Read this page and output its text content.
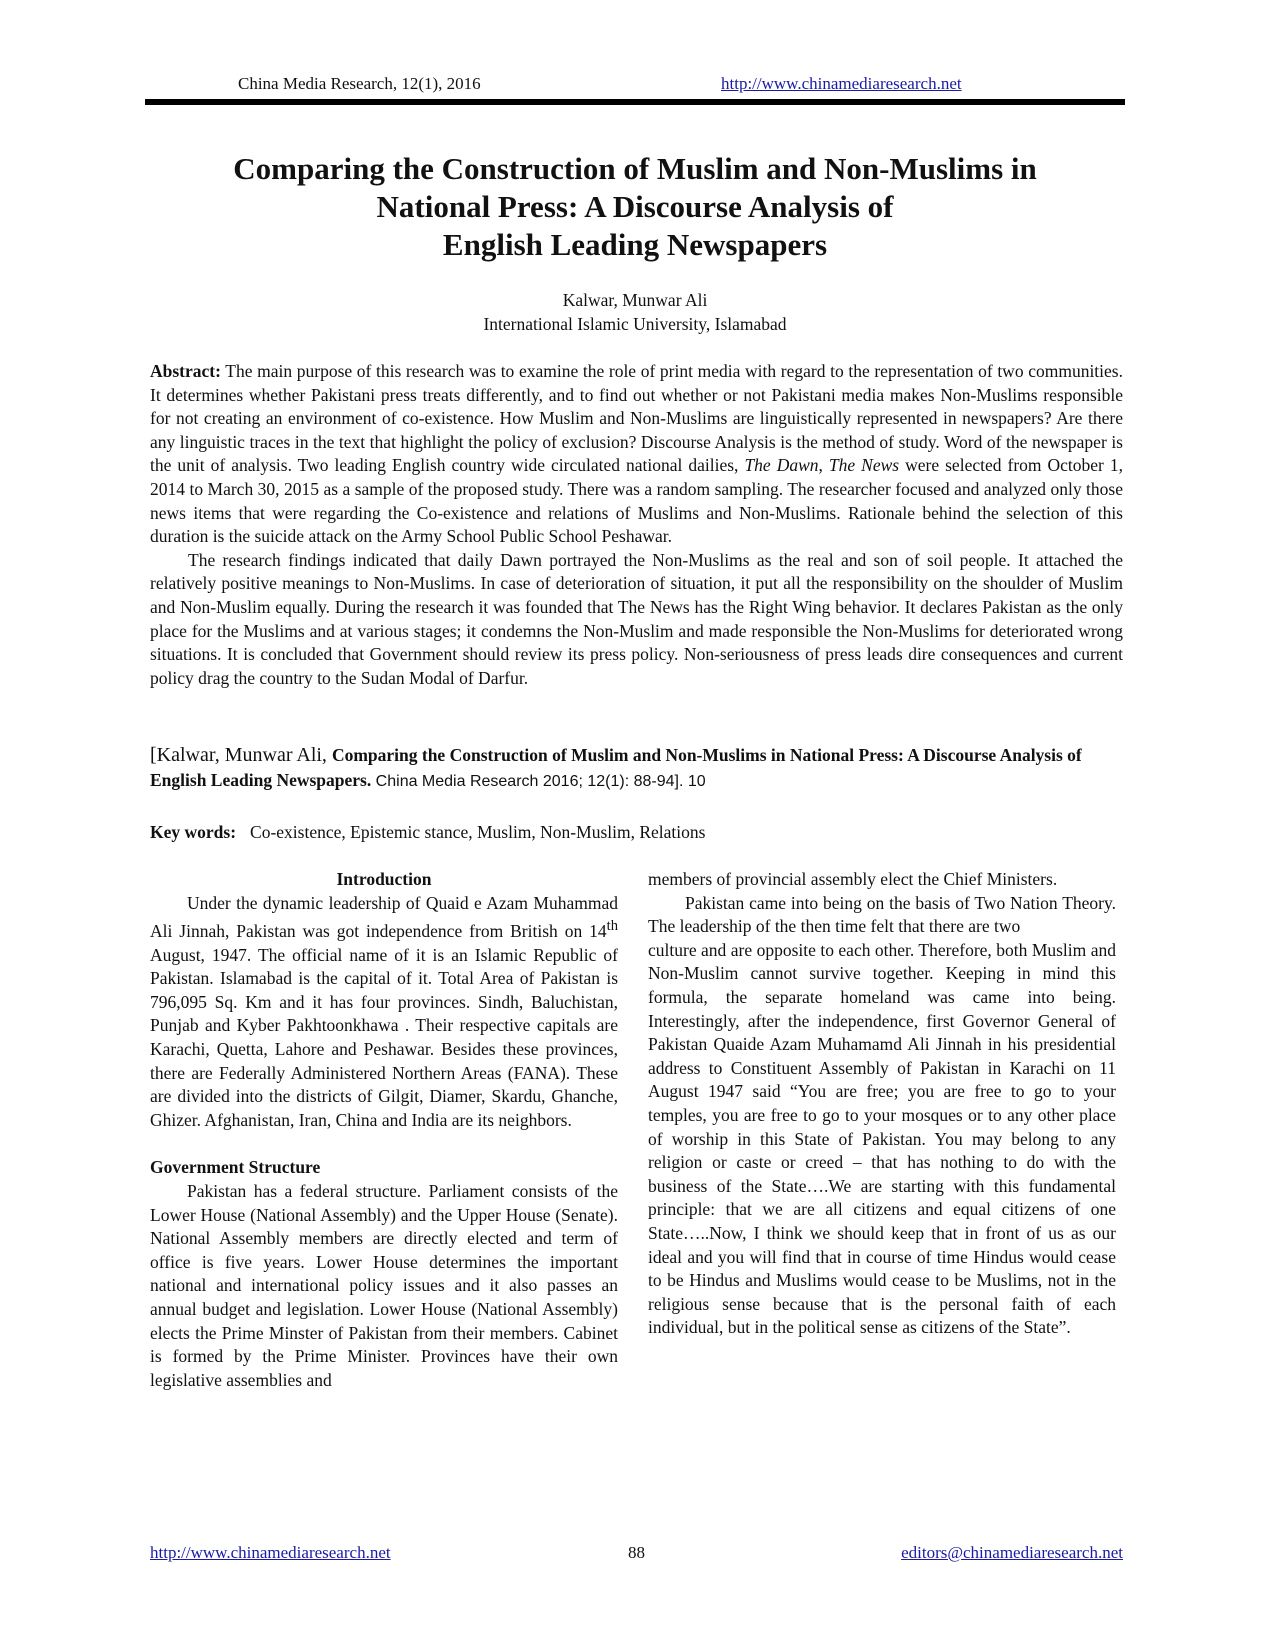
China Media Research, 12(1), 2016	http://www.chinamediaresearch.net
Comparing the Construction of Muslim and Non-Muslims in
National Press: A Discourse Analysis of
English Leading Newspapers
Kalwar, Munwar Ali
International Islamic University, Islamabad

Abstract: The main purpose of this research was to examine the role of print media with regard to the representation of two communities. It determines whether Pakistani press treats differently, and to find out whether or not Pakistani media makes Non-Muslims responsible for not creating an environment of co-existence. How Muslim and Non-Muslims are linguistically represented in newspapers? Are there any linguistic traces in the text that highlight the policy of exclusion? Discourse Analysis is the method of study. Word of the newspaper is the unit of analysis. Two leading English country wide circulated national dailies, The Dawn, The News were selected from October 1, 2014 to March 30, 2015 as a sample of the proposed study. There was a random sampling. The researcher focused and analyzed only those news items that were regarding the Co-existence and relations of Muslims and Non-Muslims. Rationale behind the selection of this duration is the suicide attack on the Army School Public School Peshawar.

The research findings indicated that daily Dawn portrayed the Non-Muslims as the real and son of soil people. It attached the relatively positive meanings to Non-Muslims. In case of deterioration of situation, it put all the responsibility on the shoulder of Muslim and Non-Muslim equally. During the research it was founded that The News has the Right Wing behavior. It declares Pakistan as the only place for the Muslims and at various stages; it condemns the Non-Muslim and made responsible the Non-Muslims for deteriorated wrong situations. It is concluded that Government should review its press policy. Non-seriousness of press leads dire consequences and current policy drag the country to the Sudan Modal of Darfur.

[Kalwar, Munwar Ali, Comparing the Construction of Muslim and Non-Muslims in National Press: A Discourse Analysis of English Leading Newspapers. China Media Research 2016; 12(1): 88-94]. 10
Key words: Co-existence, Epistemic stance, Muslim, Non-Muslim, Relations
Introduction

Under the dynamic leadership of Quaid e Azam Muhammad Ali Jinnah, Pakistan was got independence from British on 14th August, 1947. The official name of it is an Islamic Republic of Pakistan. Islamabad is the capital of it. Total Area of Pakistan is 796,095 Sq. Km and it has four provinces. Sindh, Baluchistan, Punjab and Kyber Pakhtoonkhawa . Their respective capitals are Karachi, Quetta, Lahore and Peshawar. Besides these provinces, there are Federally Administered Northern Areas (FANA). These are divided into the districts of Gilgit, Diamer, Skardu, Ghanche, Ghizer. Afghanistan, Iran, China and India are its neighbors.

Government Structure

Pakistan has a federal structure. Parliament consists of the Lower House (National Assembly) and the Upper House (Senate). National Assembly members are directly elected and term of office is five years. Lower House determines the important national and international policy issues and it also passes an annual budget and legislation. Lower House (National Assembly) elects the Prime Minster of Pakistan from their members. Cabinet is formed by the Prime Minister. Provinces have their own legislative assemblies and

members of provincial assembly elect the Chief Ministers.

Pakistan came into being on the basis of Two Nation Theory. The leadership of the then time felt that there are two

culture and are opposite to each other. Therefore, both Muslim and Non-Muslim cannot survive together. Keeping in mind this formula, the separate homeland was came into being. Interestingly, after the independence, first Governor General of Pakistan Quaide Azam Muhamamd Ali Jinnah in his presidential address to Constituent Assembly of Pakistan in Karachi on 11 August 1947 said “You are free; you are free to go to your temples, you are free to go to your mosques or to any other place of worship in this State of Pakistan. You may belong to any religion or caste or creed – that has nothing to do with the business of the State….We are starting with this fundamental principle: that we are all citizens and equal citizens of one State…..Now, I think we should keep that in front of us as our ideal and you will find that in course of time Hindus would cease to be Hindus and Muslims would cease to be Muslims, not in the religious sense because that is the personal faith of each individual, but in the political sense as citizens of the State”.

http://www.chinamediaresearch.net	88	editors@chinamediaresearch.net
